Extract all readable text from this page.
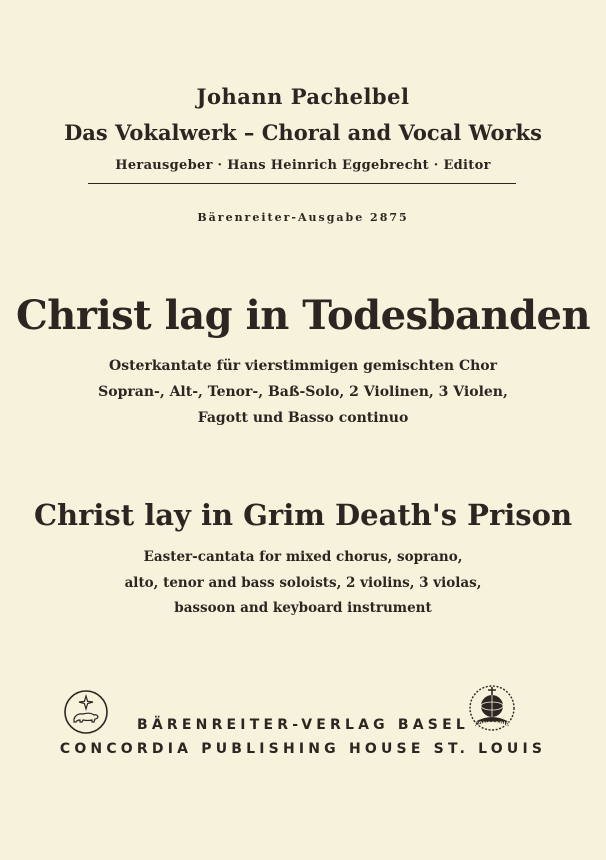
Johann Pachelbel
Das Vokalwerk – Choral and Vocal Works
Herausgeber · Hans Heinrich Eggebrecht · Editor
Bärenreiter-Ausgabe 2875
Christ lag in Todesbanden
Osterkantate für vierstimmigen gemischten Chor
Sopran-, Alt-, Tenor-, Baß-Solo, 2 Violinen, 3 Violen,
Fagott und Basso continuo
Christ lay in Grim Death's Prison
Easter-cantata for mixed chorus, soprano,
alto, tenor and bass soloists, 2 violins, 3 violas,
bassoon and keyboard instrument
CONCORDIA
BÄRENREITER-VERLAG BASEL
CONCORDIA PUBLISHING HOUSE ST. LOUIS
